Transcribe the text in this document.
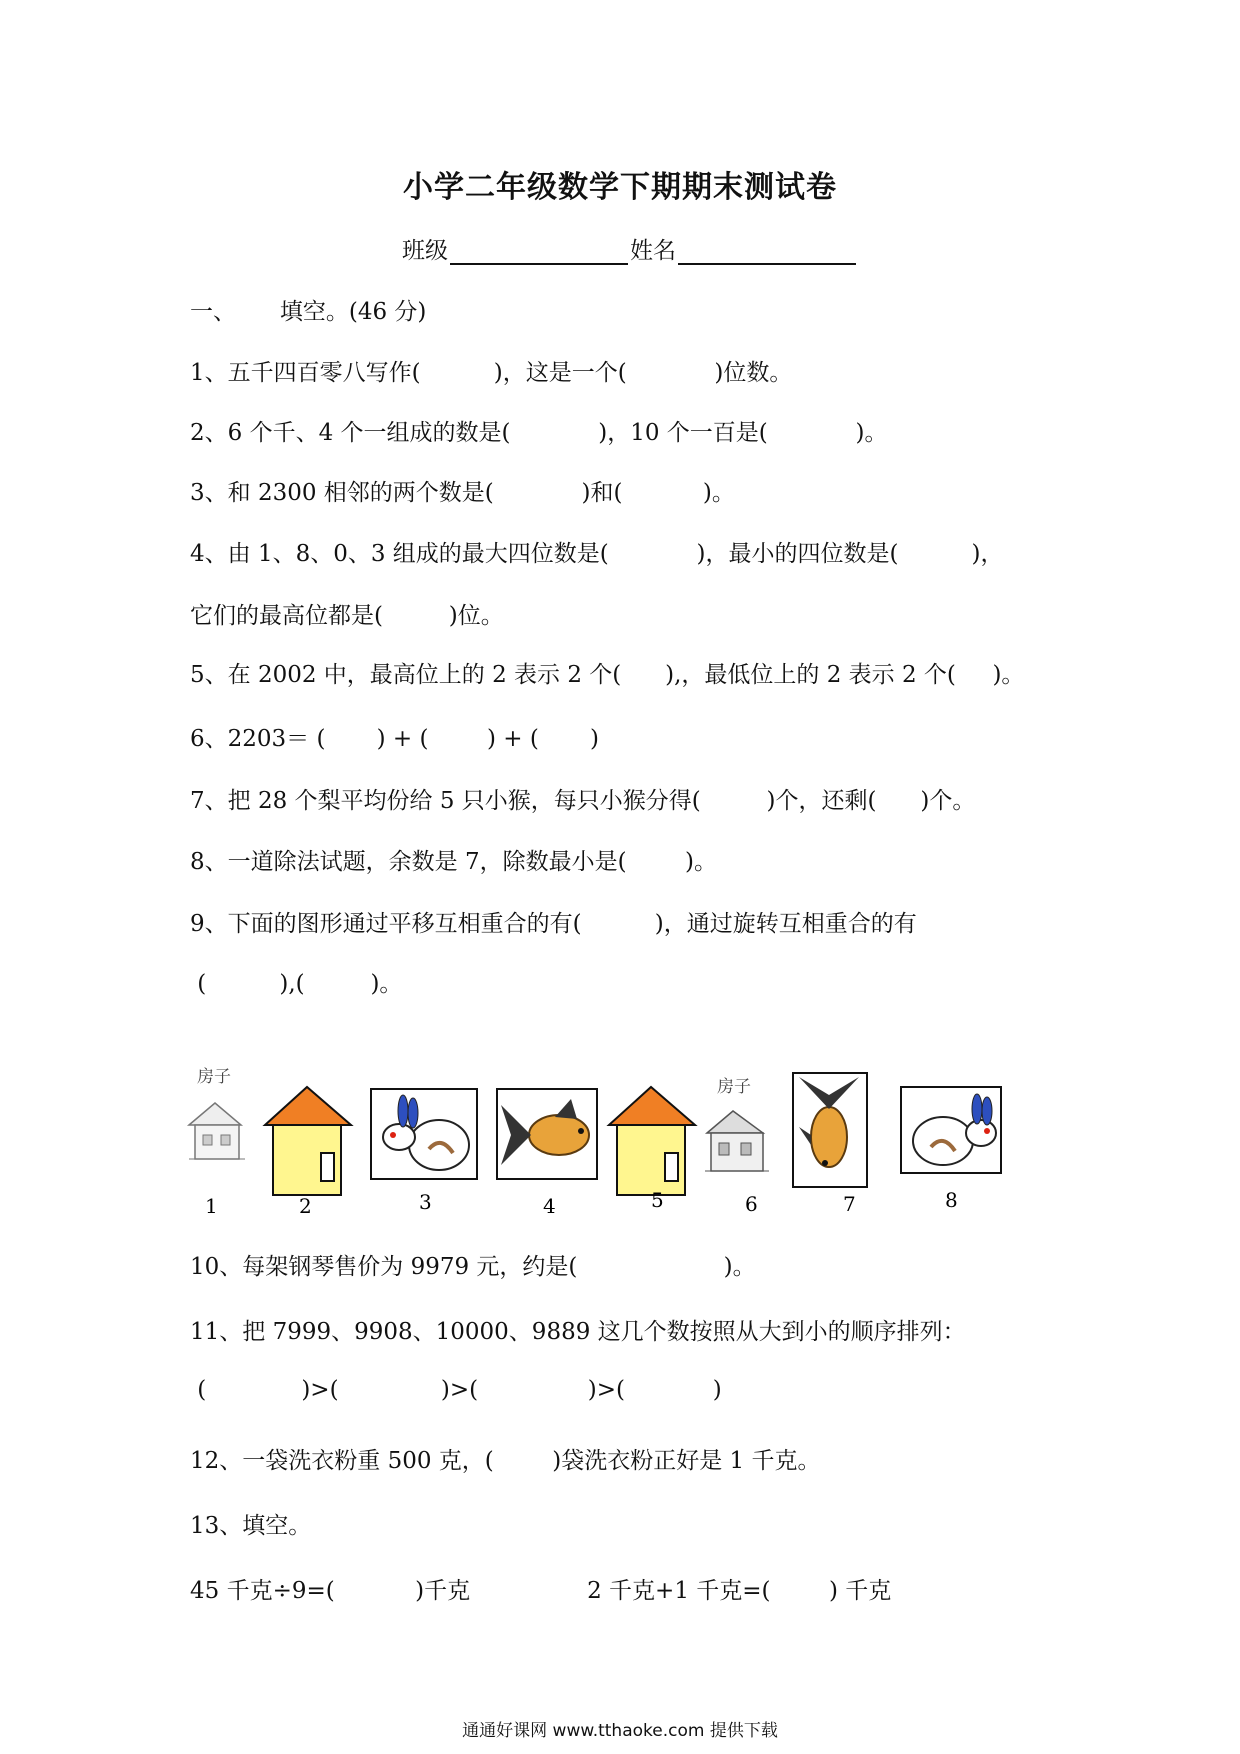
小学二年级数学下期期末测试卷
班级	姓名
一、      填空。(46 分)
1、五千四百零八写作(          )，这是一个(            )位数。
2、6 个千、4 个一组成的数是(            )，10 个一百是(            )。
3、和 2300 相邻的两个数是(            )和(           )。
4、由 1、8、0、3 组成的最大四位数是(            )，最小的四位数是(          )，
它们的最高位都是(         )位。
5、在 2002 中，最高位上的 2 表示 2 个(      ),，最低位上的 2 表示 2 个(     )。
6、2203＝ (       ) + (        ) + (       )
7、把 28 个梨平均份给 5 只小猴，每只小猴分得(         )个，还剩(      )个。
8、一道除法试题，余数是 7，除数最小是(        )。
9、下面的图形通过平移互相重合的有(          )，通过旋转互相重合的有
(          ),(         )。
房子	房子
1	2	3	4	5	6	7	8
10、每架钢琴售价为 9979 元，约是(                    )。
11、把 7999、9908、10000、9889 这几个数按照从大到小的顺序排列：
(             )>(              )>(               )>(            )
12、一袋洗衣粉重 500 克，(        )袋洗衣粉正好是 1 千克。
13、填空。
45 千克÷9=(           )千克                2 千克+1 千克=(        ) 千克
通通好课网 www.tthaoke.com 提供下载
